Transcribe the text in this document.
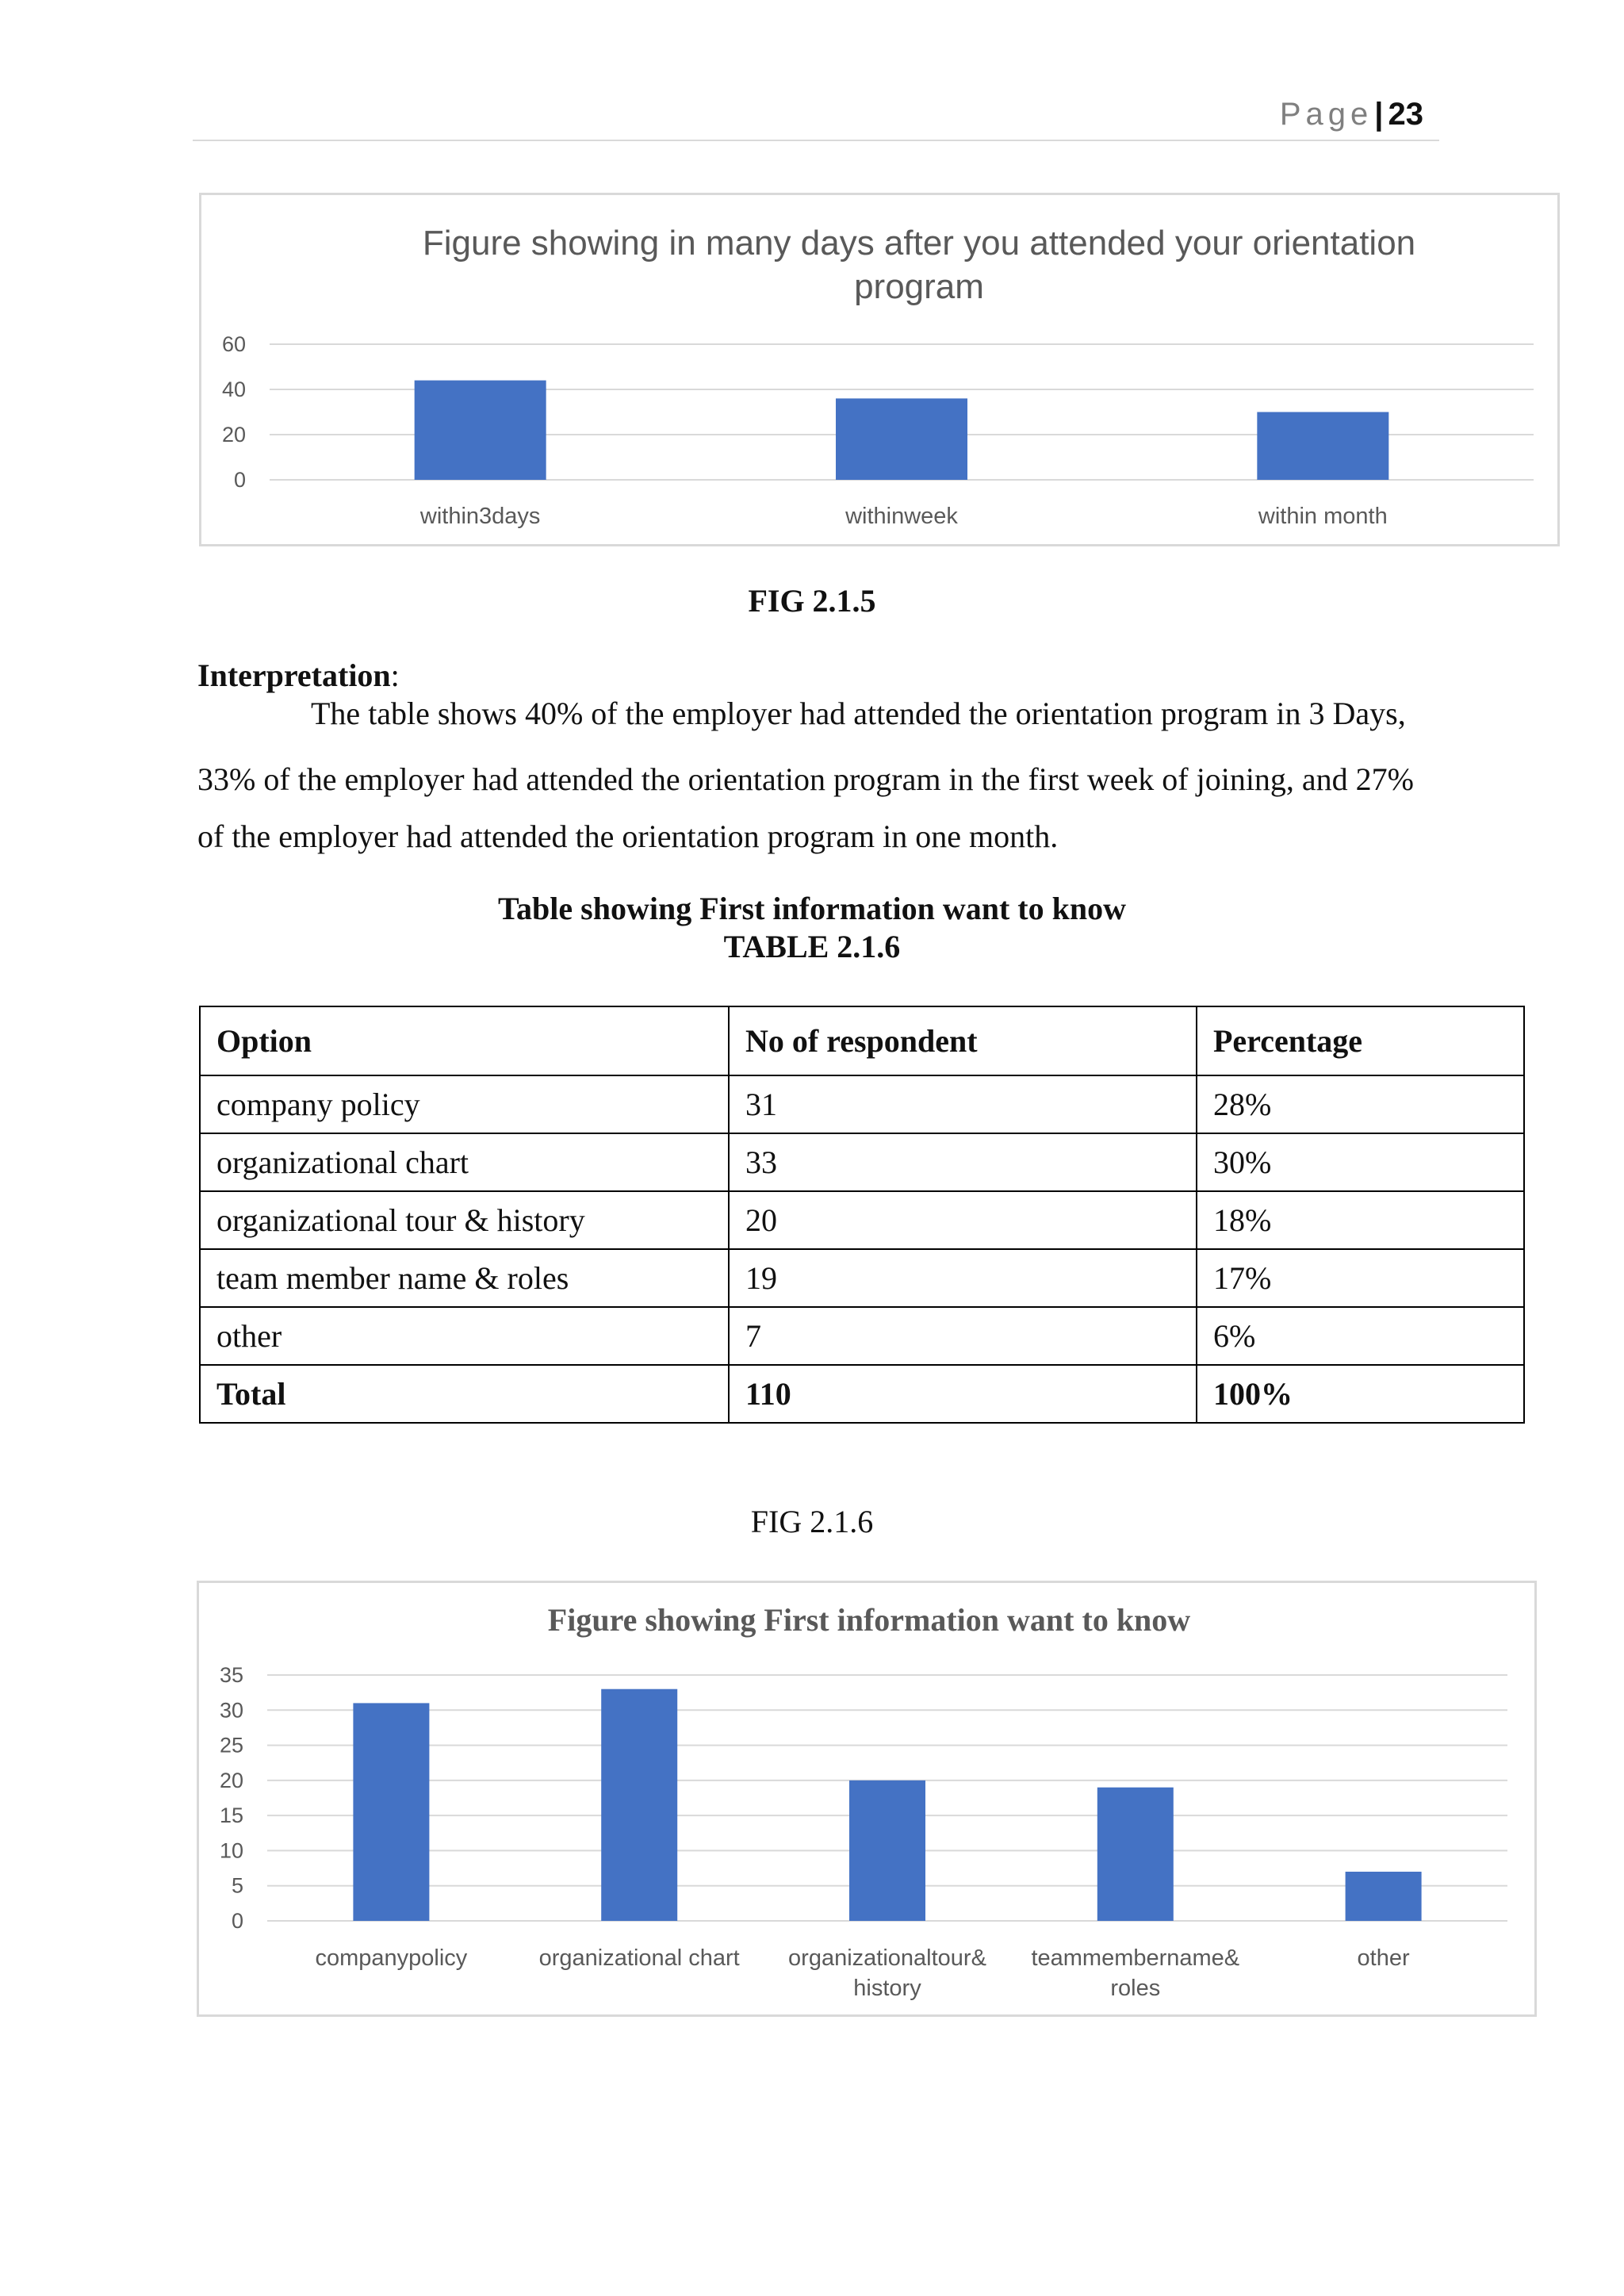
Page| 23
Figure showing in many days after you attended your orientation
program
0
20
40
60
within3days	withinweek	within month
FIG 2.1.5

Interpretation:

The table shows 40% of the employer had attended the orientation program in 3 Days,

33% of the employer had attended the orientation program in the first week of joining, and 27%

of the employer had attended the orientation program in one month.

Table showing First information want to know
TABLE 2.1.6
Option	No of respondent	Percentage
company policy	31	28%
organizational chart	33	30%
organizational tour & history	20	18%
team member name & roles	19	17%
other	7	6%
Total	110	100%
FIG 2.1.6
Figure showing First information want to know
0
5
10
15
20
25
30
35
companypolicy	organizational chart organizationaltour&
history
teammembername&
roles
other
